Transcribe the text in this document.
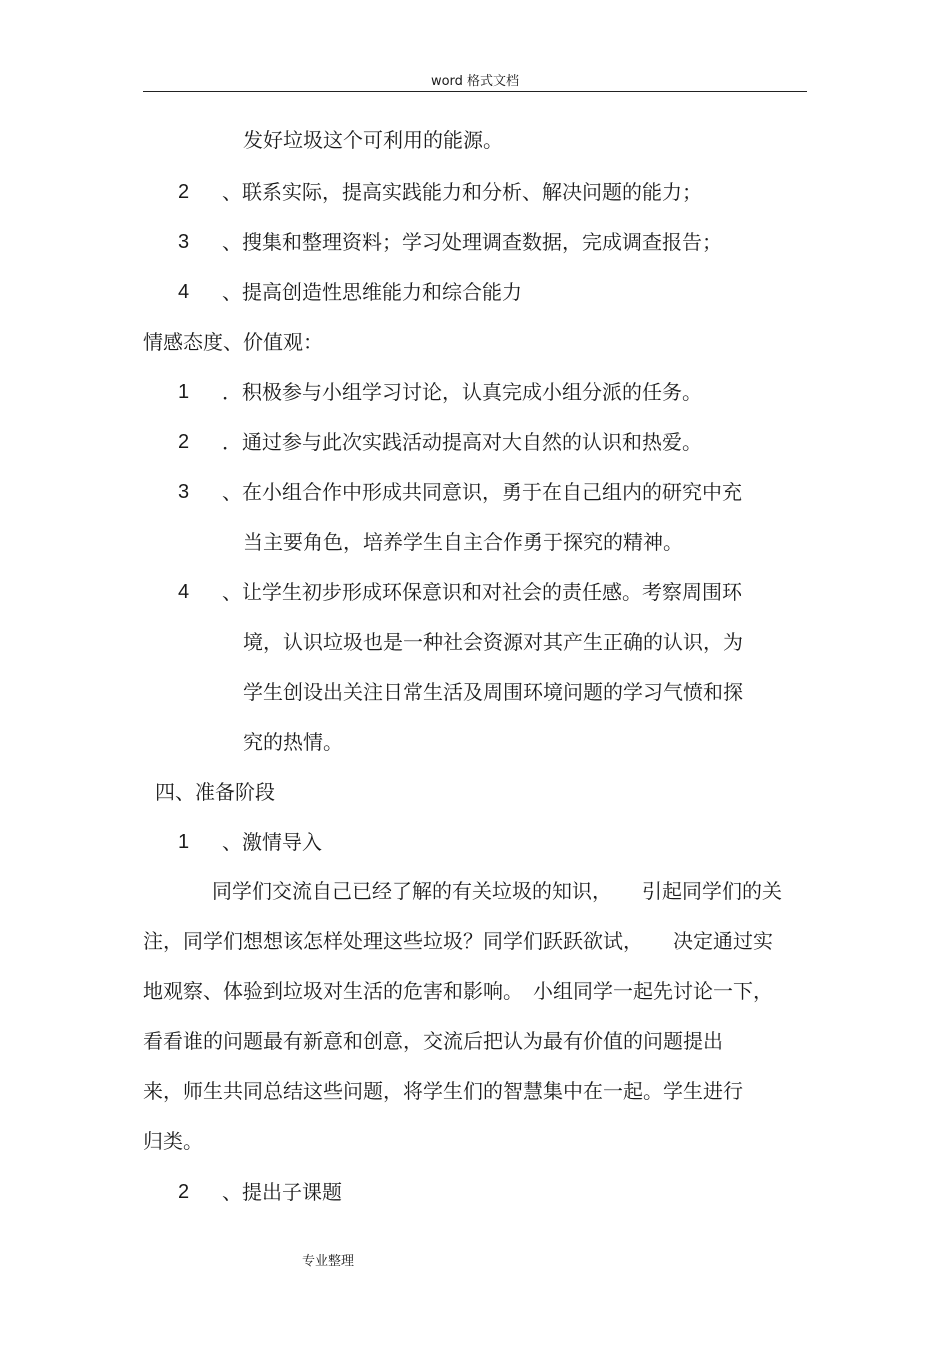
word 格式文档
发好垃圾这个可利用的能源。
2 、联系实际，提高实践能力和分析、解决问题的能力；
3 、搜集和整理资料；学习处理调查数据，完成调查报告；
4 、提高创造性思维能力和综合能力
情感态度、价值观：
1 ．积极参与小组学习讨论，认真完成小组分派的任务。
2 ．通过参与此次实践活动提高对大自然的认识和热爱。
3 、在小组合作中形成共同意识，勇于在自己组内的研究中充
当主要角色，培养学生自主合作勇于探究的精神。
4 、让学生初步形成环保意识和对社会的责任感。考察周围环
境，认识垃圾也是一种社会资源对其产生正确的认识，为
学生创设出关注日常生活及周围环境问题的学习气愤和探
究的热情。
四、准备阶段
1 、激情导入
同学们交流自己已经了解的有关垃圾的知识，　　引起同学们的关
注，同学们想想该怎样处理这些垃圾？同学们跃跃欲试，　　决定通过实
地观察、体验到垃圾对生活的危害和影响。　小组同学一起先讨论一下，
看看谁的问题最有新意和创意，交流后把认为最有价值的问题提出
来，师生共同总结这些问题，将学生们的智慧集中在一起。学生进行
归类。
2 、提出子课题
专业整理
